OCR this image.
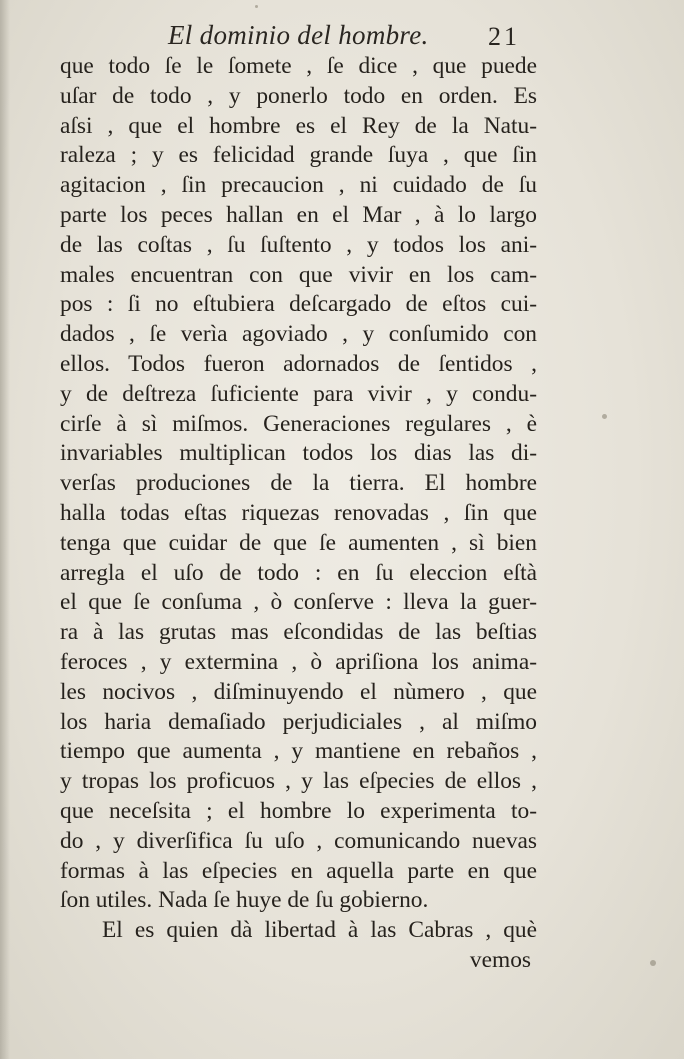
El dominio del hombre. 21
que todo ſe le ſomete , ſe dice , que puede
uſar de todo , y ponerlo todo en orden. Es
aſsi , que el hombre es el Rey de la Natu-
raleza ; y es felicidad grande ſuya , que ſin
agitacion , ſin precaucion , ni cuidado de ſu
parte los peces hallan en el Mar , à lo largo
de las coſtas , ſu ſuſtento , y todos los ani-
males encuentran con que vivir en los cam-
pos : ſi no eſtubiera deſcargado de eſtos cui-
dados , ſe verìa agoviado , y conſumido con
ellos. Todos fueron adornados de ſentidos ,
y de deſtreza ſuficiente para vivir , y condu-
cirſe à sì miſmos. Generaciones regulares , è
invariables multiplican todos los dias las di-
verſas produciones de la tierra. El hombre
halla todas eſtas riquezas renovadas , ſin que
tenga que cuidar de que ſe aumenten , sì bien
arregla el uſo de todo : en ſu eleccion eſtà
el que ſe conſuma , ò conſerve : lleva la guer-
ra à las grutas mas eſcondidas de las beſtias
feroces , y extermina , ò apriſiona los anima-
les nocivos , diſminuyendo el nùmero , que
los haria demaſiado perjudiciales , al miſmo
tiempo que aumenta , y mantiene en rebaños ,
y tropas los proficuos , y las eſpecies de ellos ,
que neceſsita ; el hombre lo experimenta to-
do , y diverſifica ſu uſo , comunicando nuevas
formas à las eſpecies en aquella parte en que
ſon utiles. Nada ſe huye de ſu gobierno.
El es quien dà libertad à las Cabras , què
vemos
